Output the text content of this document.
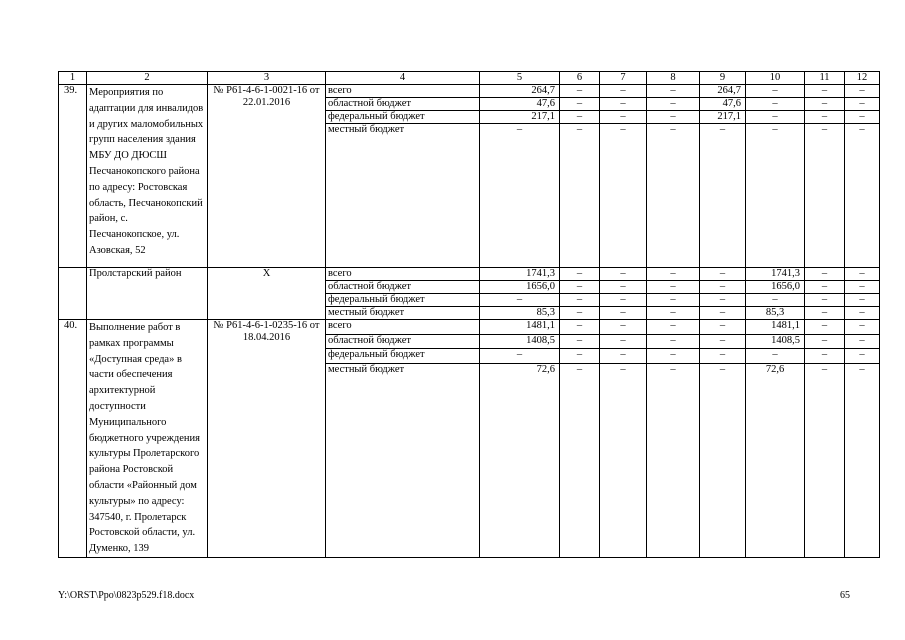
1	2	3	4	5	6	7	8	9	10	11	12
39.	Мероприятия по адаптации для инвалидов и других маломобильных групп населения здания МБУ ДО ДЮСШ Песчанокопского района по адресу: Ростовская область, Песчанокопский район, с. Песчанокопское, ул. Азовская, 52	№ Р61-4-6-1-0021-16 от 22.01.2016	всего	264,7	–	–	–	264,7	–	–	–
			областной бюджет	47,6	–	–	–	47,6	–	–	–
			федеральный бюджет	217,1	–	–	–	217,1	–	–	–
			местный бюджет	–	–	–	–	–	–	–	–
	Пролстарский район	Х	всего	1741,3	–	–	–	–	1741,3	–	–
			областной бюджет	1656,0	–	–	–	–	1656,0	–	–
			федеральный бюджет	–	–	–	–	–	–	–	–
			местный бюджет	85,3	–	–	–	–	85,3	–	–
40.	Выполнение работ в рамках программы «Доступная среда» в части обеспечения архитектурной доступности Муниципального бюджетного учреждения культуры Пролетарского района Ростовской области «Районный дом культуры» по адресу: 347540, г. Пролетарск Ростовской области, ул. Думенко, 139	№ Р61-4-6-1-0235-16 от 18.04.2016	всего	1481,1	–	–	–	–	1481,1	–	–
			областной бюджет	1408,5	–	–	–	–	1408,5	–	–
			федеральный бюджет	–	–	–	–	–	–	–	–
			местный бюджет	72,6	–	–	–	–	72,6	–	–
Y:\ORST\Ppo\0823p529.f18.docx	65
